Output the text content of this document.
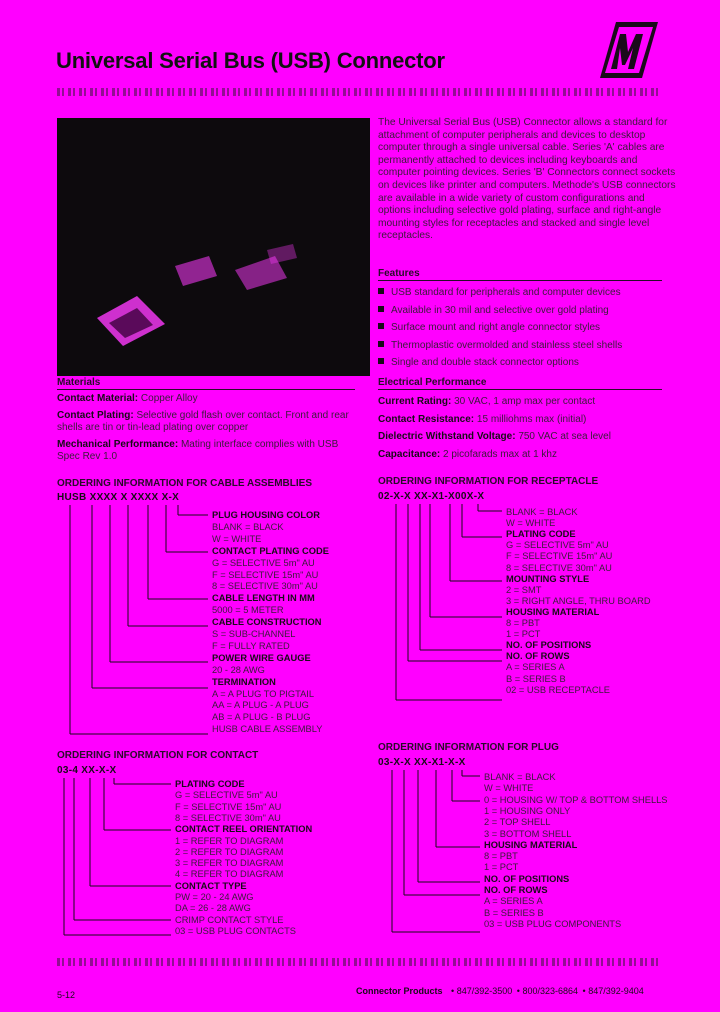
Universal Serial Bus (USB) Connector
The Universal Serial Bus (USB) Connector allows a standard for attachment of computer peripherals and devices to desktop computer through a single universal cable. Series 'A' cables are permanently attached to devices including keyboards and computer pointing devices. Series 'B' Connectors connect sockets on devices like printer and computers. Methode's USB connectors are available in a wide variety of custom configurations and options including selective gold plating, surface and right-angle mounting styles for receptacles and stacked and single level receptacles.
Features
USB standard for peripherals and computer devices
Available in 30 mil and selective over gold plating
Surface mount and right angle connector styles
Thermoplastic overmolded and stainless steel shells
Single and double stack connector options
Materials
Contact Material: Copper Alloy
Contact Plating: Selective gold flash over contact. Front and rear shells are tin or tin-lead plating over copper
Mechanical Performance: Mating interface complies with USB Spec Rev 1.0
Electrical Performance
Current Rating: 30 VAC, 1 amp max per contact
Contact Resistance: 15 milliohms max (initial)
Dielectric Withstand Voltage: 750 VAC at sea level
Capacitance: 2 picofarads max at 1 khz
ORDERING INFORMATION FOR CABLE ASSEMBLIES
HUSB XXXX X XXXX X-X
ORDERING INFORMATION FOR CONTACT
03-4 XX-X-X
ORDERING INFORMATION FOR RECEPTACLE
02-X-X XX-X1-X00X-X
ORDERING INFORMATION FOR PLUG
03-X-X XX-X1-X-X
PLUG HOUSING COLOR
BLANK = BLACK
W = WHITE
CONTACT PLATING CODE
G = SELECTIVE 5m" AU
F = SELECTIVE 15m" AU
8 = SELECTIVE 30m" AU
CABLE LENGTH IN MM
5000 = 5 METER
CABLE CONSTRUCTION
S = SUB-CHANNEL
F = FULLY RATED
POWER WIRE GAUGE
20 - 28 AWG
TERMINATION
A = A PLUG TO PIGTAIL
AA = A PLUG - A PLUG
AB = A PLUG - B PLUG
HUSB CABLE ASSEMBLY
PLATING CODE
G = SELECTIVE 5m" AU
F = SELECTIVE 15m" AU
8 = SELECTIVE 30m" AU
CONTACT REEL ORIENTATION
1 = REFER TO DIAGRAM
2 = REFER TO DIAGRAM
3 = REFER TO DIAGRAM
4 = REFER TO DIAGRAM
CONTACT TYPE
PW = 20 - 24 AWG
DA = 26 - 28 AWG
CRIMP CONTACT STYLE
03 = USB PLUG CONTACTS
BLANK = BLACK
W = WHITE
PLATING CODE
G = SELECTIVE 5m" AU
F = SELECTIVE 15m" AU
8 = SELECTIVE 30m" AU
MOUNTING STYLE
2 = SMT
3 = RIGHT ANGLE, THRU BOARD
HOUSING MATERIAL
8 = PBT
1 = PCT
NO. OF POSITIONS
NO. OF ROWS
A = SERIES A
B = SERIES B
02 = USB RECEPTACLE
BLANK = BLACK
W = WHITE
0 = HOUSING W/ TOP & BOTTOM SHELLS
1 = HOUSING ONLY
2 = TOP SHELL
3 = BOTTOM SHELL
HOUSING MATERIAL
8 = PBT
1 = PCT
NO. OF POSITIONS
NO. OF ROWS
A = SERIES A
B = SERIES B
03 = USB PLUG COMPONENTS
5-12	Connector Products • 847/392-3500 • 800/323-6864 • 847/392-9404
